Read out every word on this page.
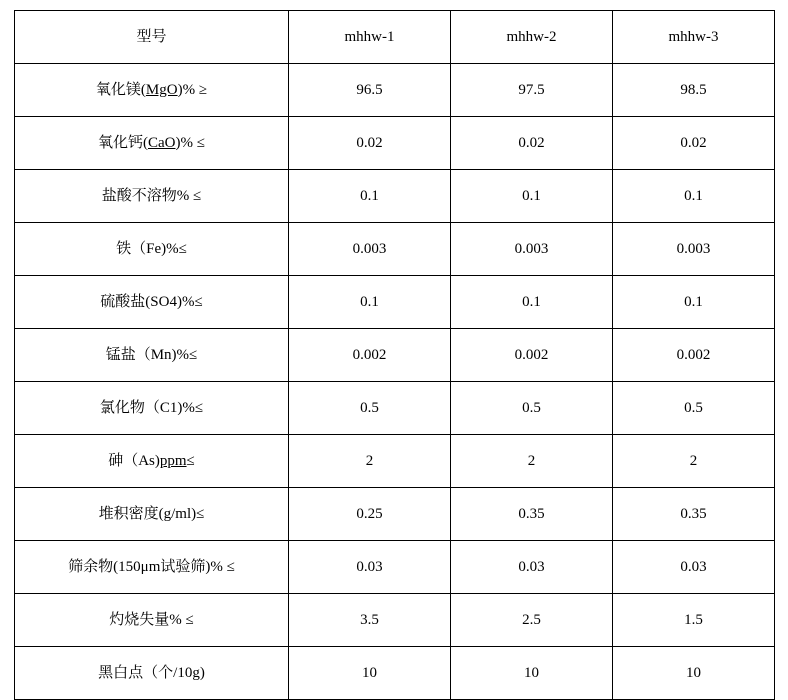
型号	mhhw-1	mhhw-2	mhhw-3
氧化镁(MgO)% ≥	96.5	97.5	98.5
氧化钙(CaO)% ≤	0.02	0.02	0.02
盐酸不溶物% ≤	0.1	0.1	0.1
铁（Fe)%≤	0.003	0.003	0.003
硫酸盐(SO4)%≤	0.1	0.1	0.1
锰盐（Mn)%≤	0.002	0.002	0.002
氯化物（C1)%≤	0.5	0.5	0.5
砷（As)ppm≤	2	2	2
堆积密度(g/ml)≤	0.25	0.35	0.35
筛余物(150μm试验筛)% ≤	0.03	0.03	0.03
灼烧失量% ≤	3.5	2.5	1.5
黑白点（个/10g)	10	10	10
